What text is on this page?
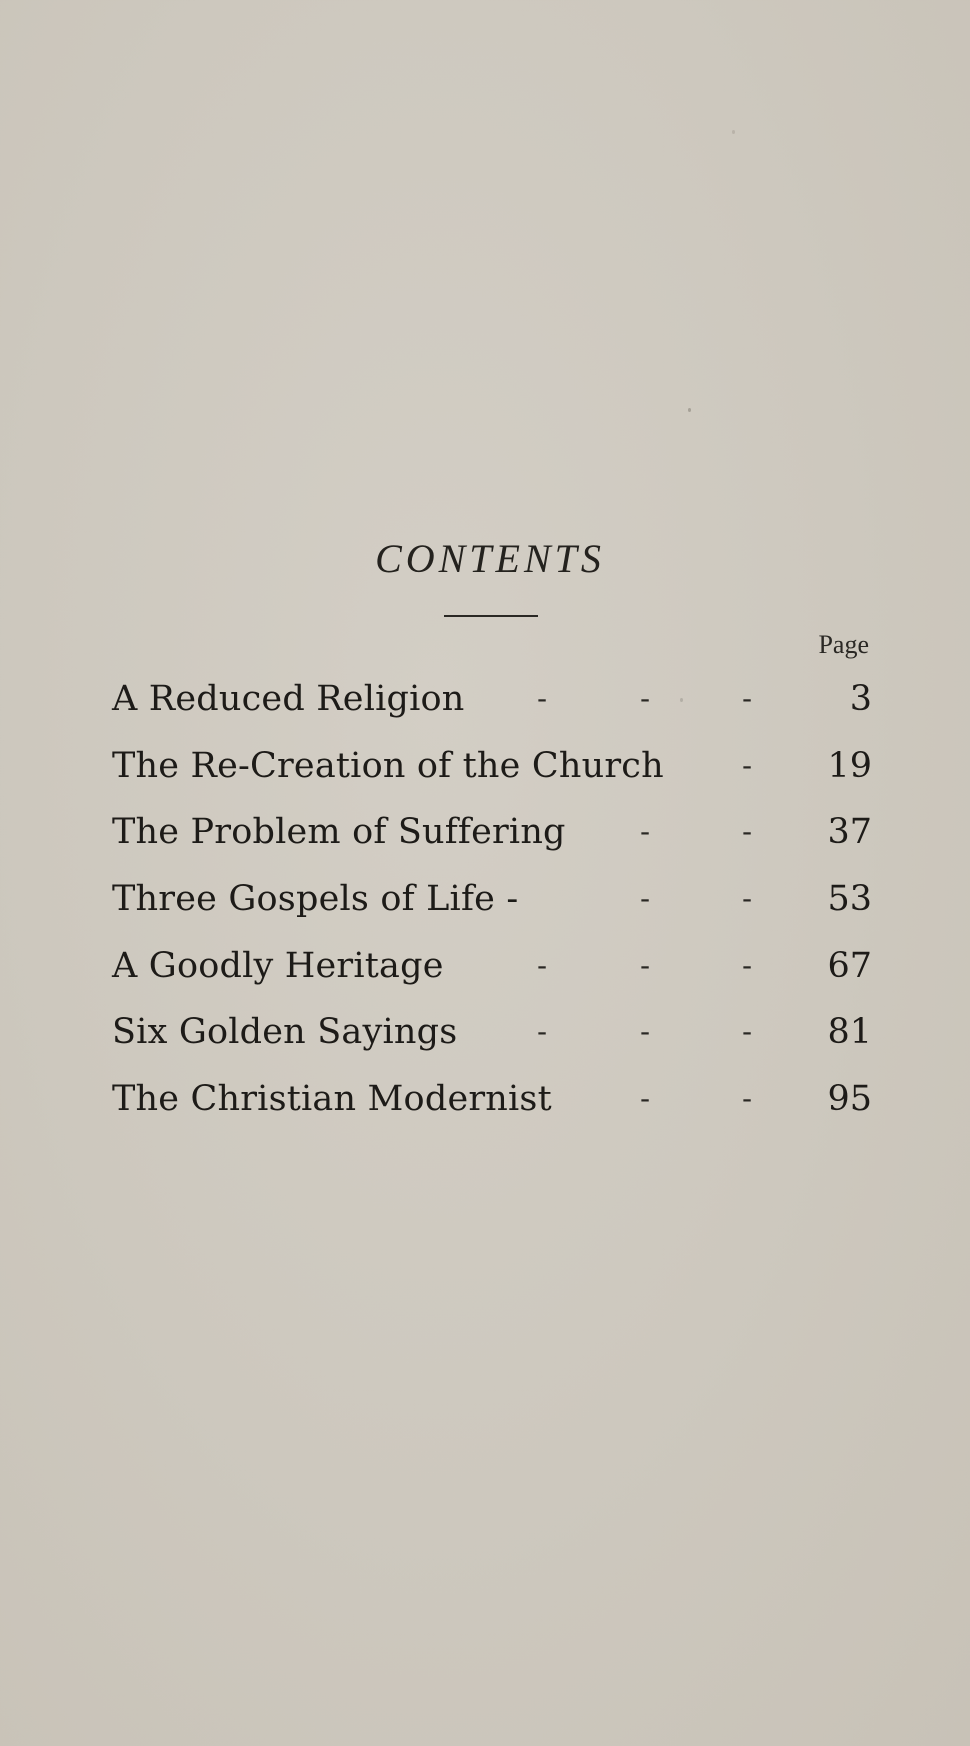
CONTENTS
Page
A Reduced Religion	-	-	-	3
The Re-Creation of the Church	-	19
The Problem of Suffering	-	-	37
Three Gospels of Life -	-	-	53
A Goodly Heritage	-	-	-	67
Six Golden Sayings	-	-	-	81
The Christian Modernist	-	-	95
